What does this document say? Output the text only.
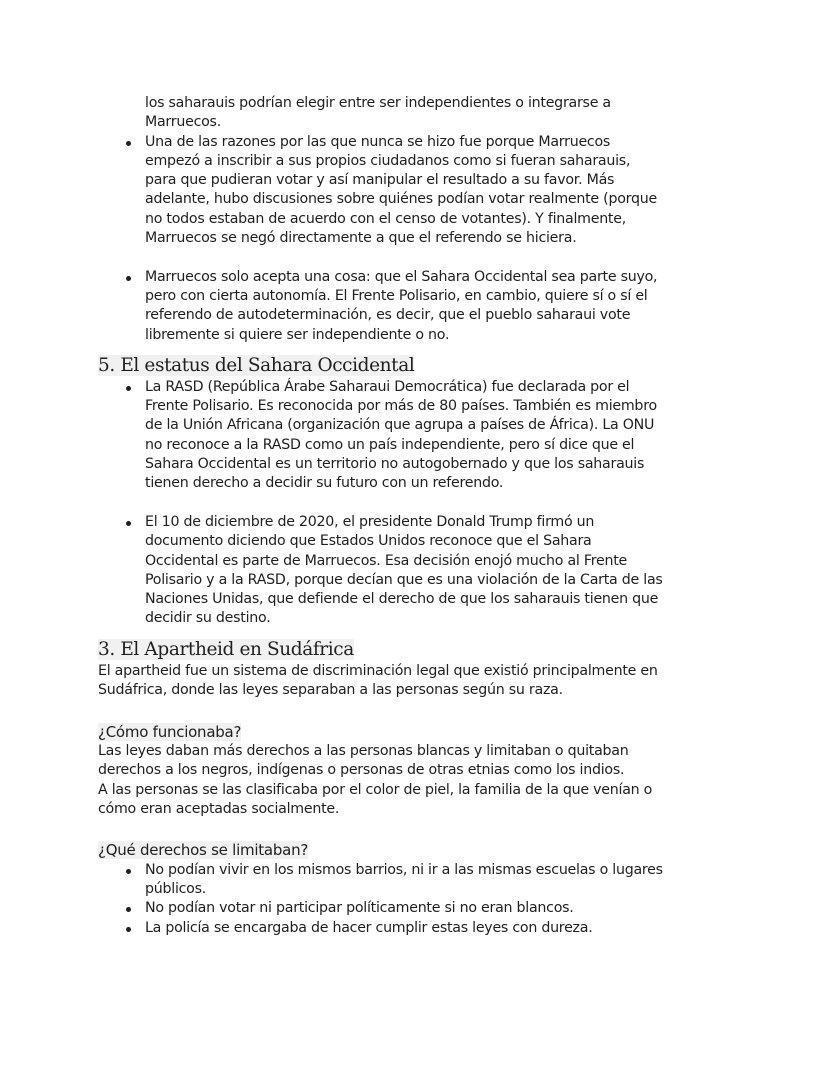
los saharauis podrían elegir entre ser independientes o integrarse a
Marruecos.
Una de las razones por las que nunca se hizo fue porque Marruecos
empezó a inscribir a sus propios ciudadanos como si fueran saharauis,
para que pudieran votar y así manipular el resultado a su favor. Más
adelante, hubo discusiones sobre quiénes podían votar realmente (porque
no todos estaban de acuerdo con el censo de votantes). Y finalmente,
Marruecos se negó directamente a que el referendo se hiciera.
Marruecos solo acepta una cosa: que el Sahara Occidental sea parte suyo,
pero con cierta autonomía. El Frente Polisario, en cambio, quiere sí o sí el
referendo de autodeterminación, es decir, que el pueblo saharaui vote
libremente si quiere ser independiente o no.
5. El estatus del Sahara Occidental
La RASD (República Árabe Saharaui Democrática) fue declarada por el
Frente Polisario. Es reconocida por más de 80 países. También es miembro
de la Unión Africana (organización que agrupa a países de África). La ONU
no reconoce a la RASD como un país independiente, pero sí dice que el
Sahara Occidental es un territorio no autogobernado y que los saharauis
tienen derecho a decidir su futuro con un referendo.
El 10 de diciembre de 2020, el presidente Donald Trump firmó un
documento diciendo que Estados Unidos reconoce que el Sahara
Occidental es parte de Marruecos. Esa decisión enojó mucho al Frente
Polisario y a la RASD, porque decían que es una violación de la Carta de las
Naciones Unidas, que defiende el derecho de que los saharauis tienen que
decidir su destino.
3. El Apartheid en Sudáfrica
El apartheid fue un sistema de discriminación legal que existió principalmente en
Sudáfrica, donde las leyes separaban a las personas según su raza.
¿Cómo funcionaba?
Las leyes daban más derechos a las personas blancas y limitaban o quitaban
derechos a los negros, indígenas o personas de otras etnias como los indios.
A las personas se las clasificaba por el color de piel, la familia de la que venían o
cómo eran aceptadas socialmente.
¿Qué derechos se limitaban?
No podían vivir en los mismos barrios, ni ir a las mismas escuelas o lugares
públicos.
No podían votar ni participar políticamente si no eran blancos.
La policía se encargaba de hacer cumplir estas leyes con dureza.
